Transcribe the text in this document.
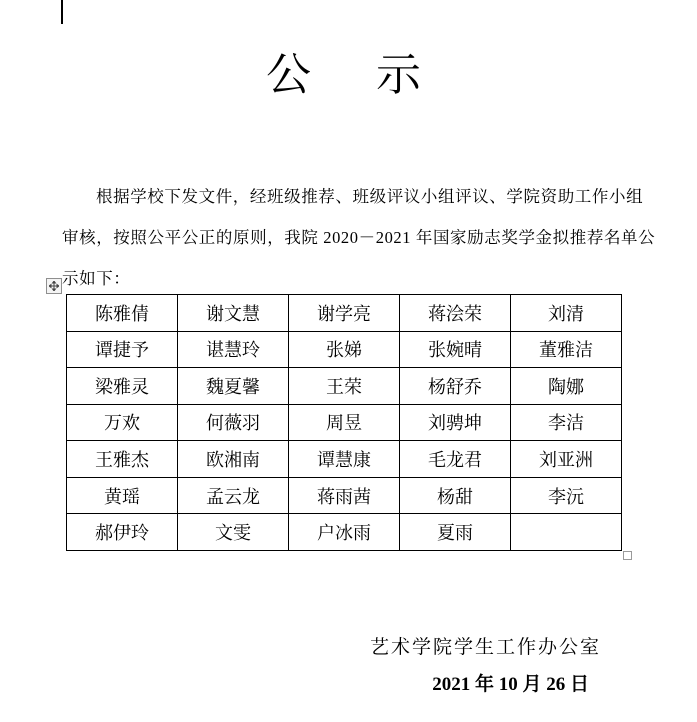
公　示
根据学校下发文件，经班级推荐、班级评议小组评议、学院资助工作小组
审核，按照公平公正的原则，我院 2020－2021 年国家励志奖学金拟推荐名单公
示如下：
陈雅倩	谢文慧	谢学亮	蒋浍荣	刘清
谭捷予	谌慧玲	张娣	张婉晴	董雅洁
梁雅灵	魏夏馨	王荣	杨舒乔	陶娜
万欢	何薇羽	周昱	刘骋坤	李洁
王雅杰	欧湘南	谭慧康	毛龙君	刘亚洲
黄瑶	孟云龙	蒋雨茜	杨甜	李沅
郝伊玲	文雯	户冰雨	夏雨	
艺术学院学生工作办公室
2021 年 10 月 26 日
